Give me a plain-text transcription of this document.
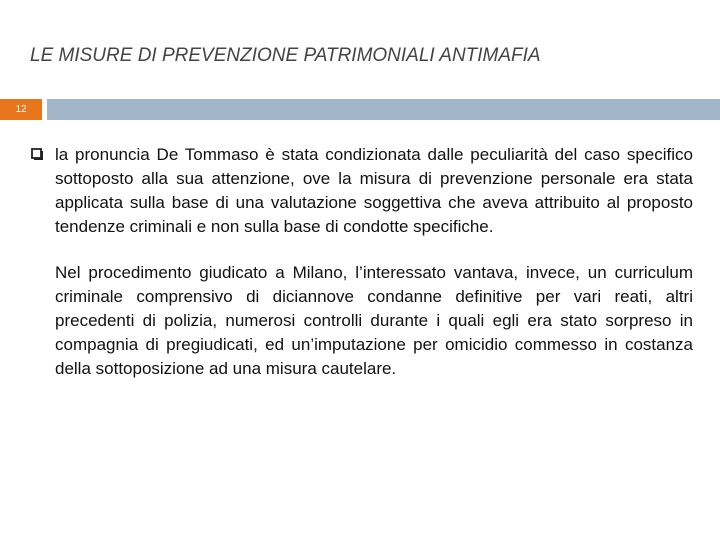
LE MISURE DI PREVENZIONE PATRIMONIALI ANTIMAFIA
12

la pronuncia De Tommaso è stata condizionata dalle peculiarità del caso specifico sottoposto alla sua attenzione, ove la misura di prevenzione personale era stata applicata sulla base di una valutazione soggettiva che aveva attribuito al proposto tendenze criminali e non sulla base di condotte specifiche.

Nel procedimento giudicato a Milano, l’interessato vantava, invece, un curriculum criminale comprensivo di diciannove condanne definitive per vari reati, altri precedenti di polizia, numerosi controlli durante i quali egli era stato sorpreso in compagnia di pregiudicati, ed un’imputazione per omicidio commesso in costanza della sottoposizione ad una misura cautelare.
